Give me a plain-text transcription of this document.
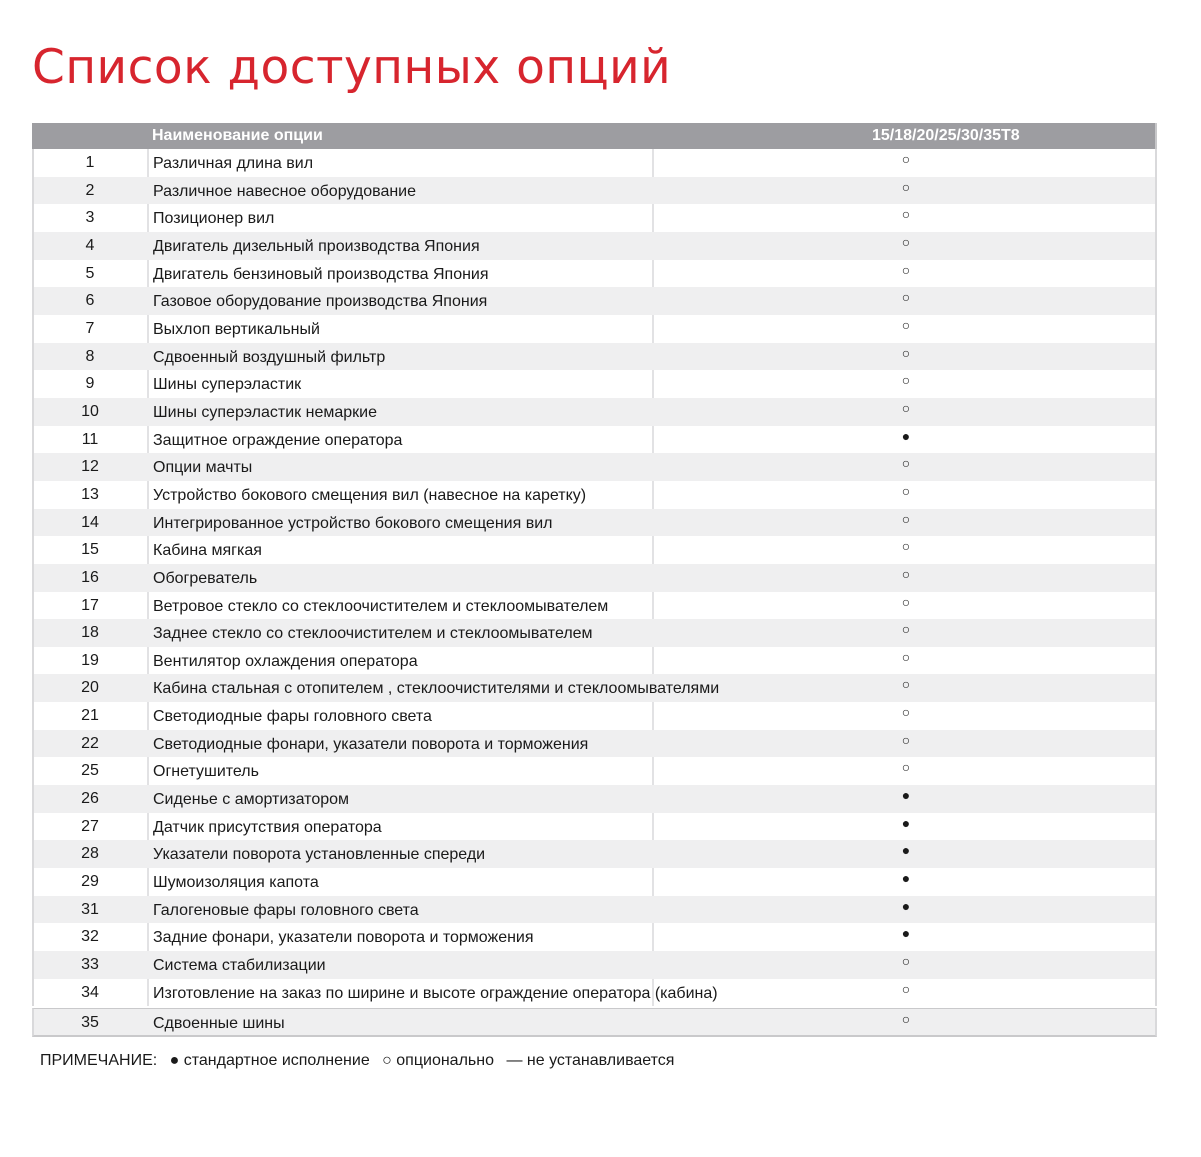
Список доступных опций
Наименование опции	15/18/20/25/30/35T8
1	Различная длина вил	○
2	Различное навесное оборудование	○
3	Позиционер вил	○
4	Двигатель дизельный производства Япония	○
5	Двигатель бензиновый производства Япония	○
6	Газовое оборудование производства Япония	○
7	Выхлоп вертикальный	○
8	Сдвоенный воздушный фильтр	○
9	Шины суперэластик	○
10	Шины суперэластик немаркие	○
11	Защитное ограждение оператора	●
12	Опции мачты	○
13	Устройство бокового смещения вил (навесное на каретку)	○
14	Интегрированное устройство бокового смещения вил	○
15	Кабина мягкая	○
16	Обогреватель	○
17	Ветровое стекло со стеклоочистителем и стеклоомывателем	○
18	Заднее стекло со стеклоочистителем и стеклоомывателем	○
19	Вентилятор охлаждения оператора	○
20	Кабина стальная с отопителем , стеклоочистителями и стеклоомывателями	○
21	Светодиодные фары головного света	○
22	Светодиодные фонари, указатели поворота и торможения	○
25	Огнетушитель	○
26	Сиденье с амортизатором	●
27	Датчик присутствия оператора	●
28	Указатели поворота установленные спереди	●
29	Шумоизоляция капота	●
31	Галогеновые фары головного света	●
32	Задние фонари, указатели поворота и торможения	●
33	Система стабилизации	○
34	Изготовление на заказ по ширине и высоте ограждение оператора (кабина)	○
35	Сдвоенные шины	○
ПРИМЕЧАНИЕ: ● стандартное исполнение ○ опционально — не устанавливается
